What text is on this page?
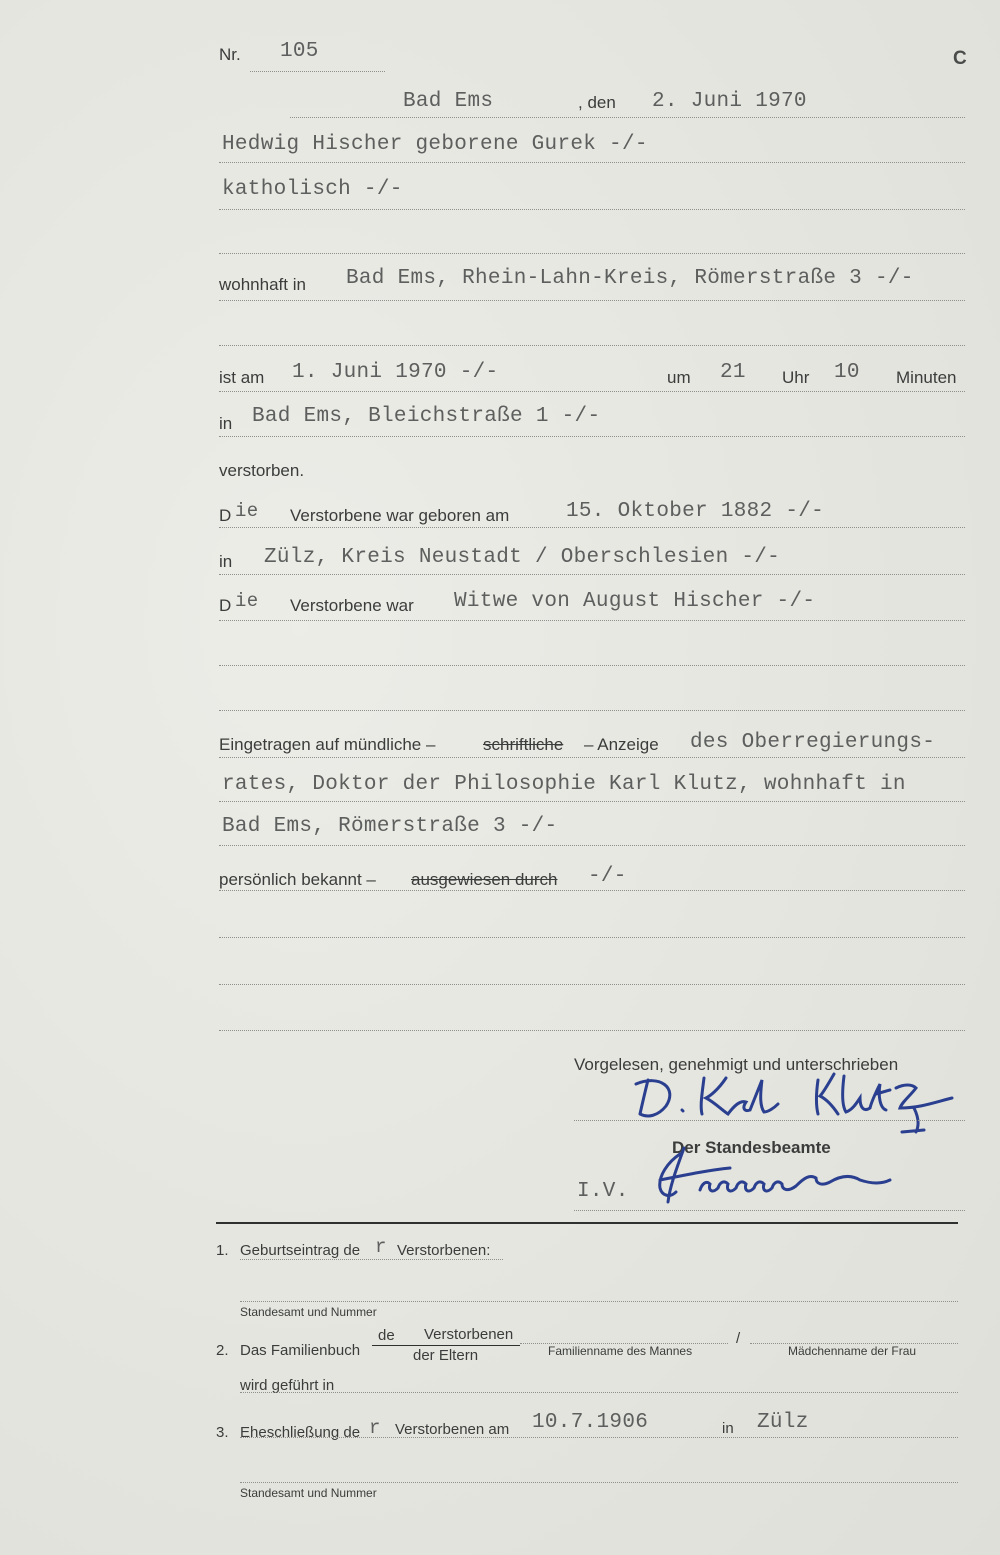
Nr. 105	C
Bad Ems	, den 2. Juni 1970
Hedwig Hischer geborene Gurek -/-
katholisch -/-
wohnhaft in Bad Ems, Rhein-Lahn-Kreis, Römerstraße 3 -/-
ist am 1. Juni 1970 -/-	um 21 Uhr 10 Minuten
in Bad Ems, Bleichstraße 1 -/-
verstorben.
D ie Verstorbene war geboren am	15. Oktober 1882 -/-
in Zülz, Kreis Neustadt / Oberschlesien -/-
D ie Verstorbene war Witwe von August Hischer -/-
Eingetragen auf mündliche –	schriftliche – Anzeige des Oberregierungs-
rates, Doktor der Philosophie Karl Klutz, wohnhaft in
Bad Ems, Römerstraße 3 -/-
persönlich bekannt – ausgewiesen durch -/-
Vorgelesen, genehmigt und unterschrieben
Der Standesbeamte
I.V.
1. Geburtseintrag de r Verstorbenen:
Standesamt und Nummer
2. Das Familienbuch
de Verstorbenen
der Eltern
/
Familienname des Mannes	Mädchenname der Frau
wird geführt in
3. Eheschließung de r Verstorbenen am 10.7.1906	in Zülz
Standesamt und Nummer
